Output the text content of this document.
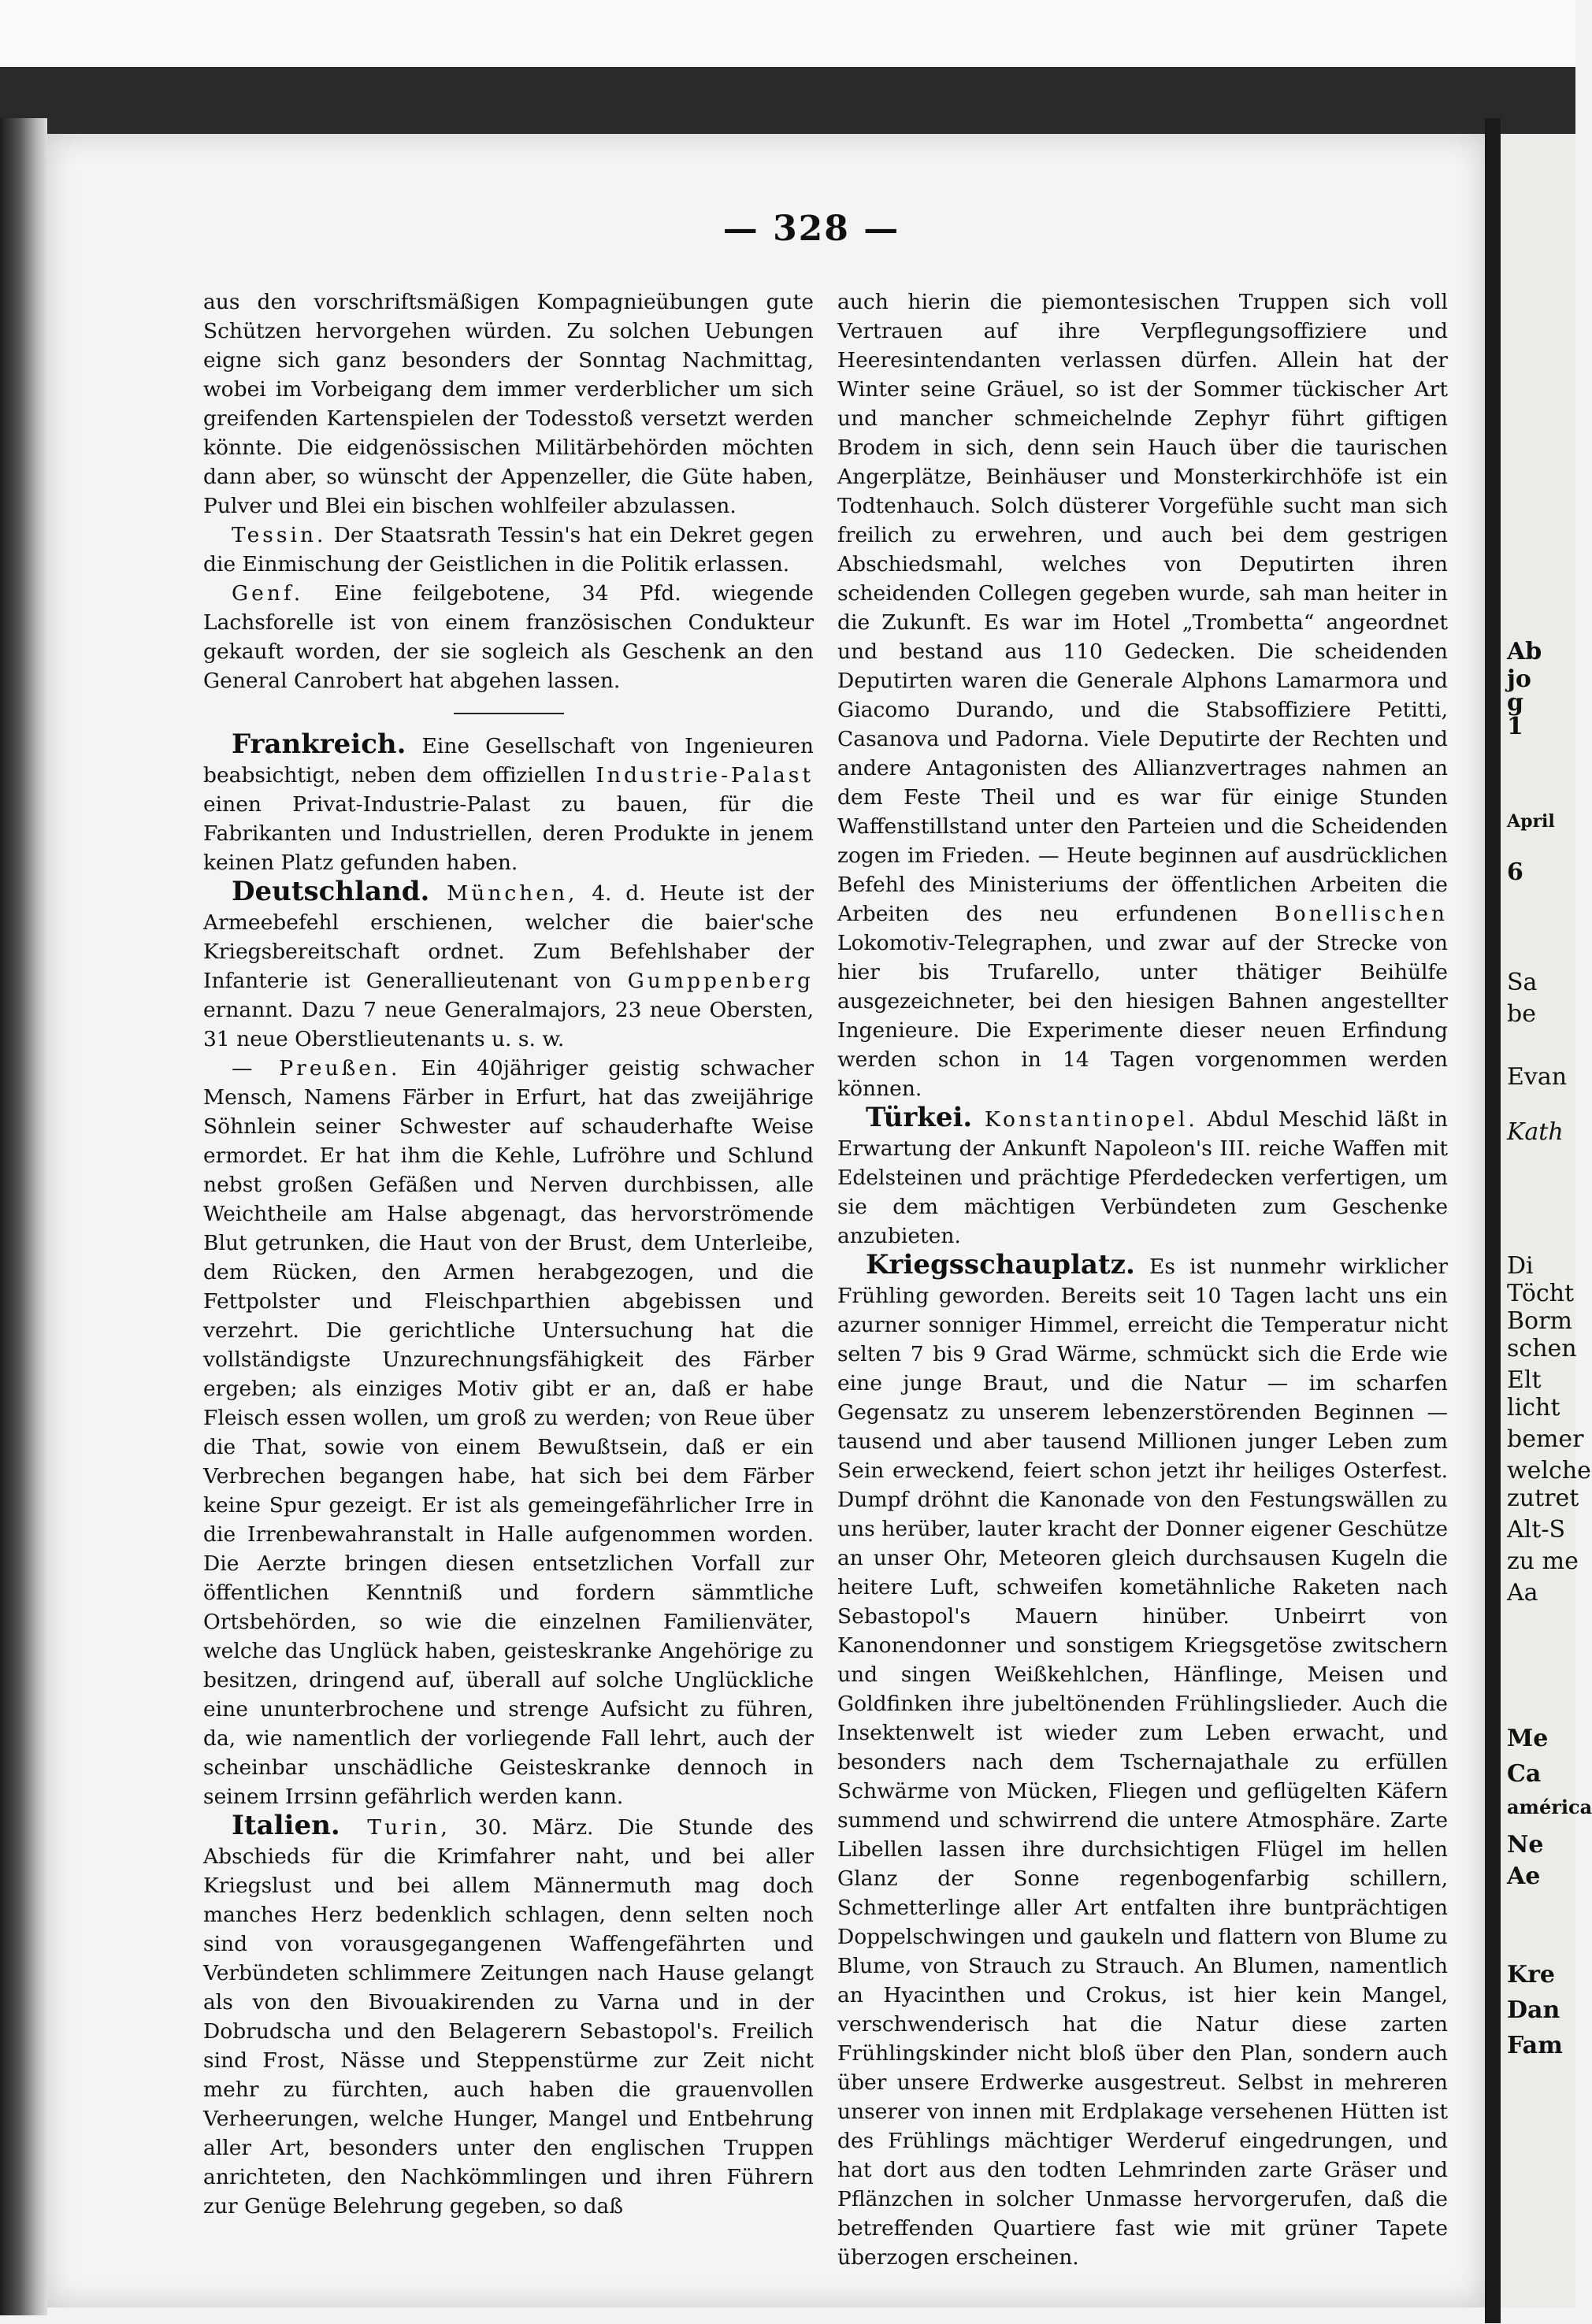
Ab
jo
g
1
April
6
Sa
be
Evan
Kath
Di
Töcht
Borm
schen
Elt
licht
bemer
welche
zutret
Alt-S
zu me
Aa
Me
Ca
américa
Ne
Ae
Kre
Dan
Fam
— 328 —

aus den vorschriftsmäßigen Kompagnieübungen gute Schützen hervorgehen würden. Zu solchen Uebungen eigne sich ganz besonders der Sonntag Nachmittag, wobei im Vorbeigang dem immer verderblicher um sich greifenden Kartenspielen der Todesstoß versetzt werden könnte. Die eidgenössischen Militärbehörden möchten dann aber, so wünscht der Appenzeller, die Güte haben, Pulver und Blei ein bischen wohlfeiler abzulassen.

Tessin. Der Staatsrath Tessin's hat ein Dekret gegen die Einmischung der Geistlichen in die Politik erlassen.

Genf. Eine feilgebotene, 34 Pfd. wiegende Lachsforelle ist von einem französischen Condukteur gekauft worden, der sie sogleich als Geschenk an den General Canrobert hat abgehen lassen.

Frankreich. Eine Gesellschaft von Ingenieuren beabsichtigt, neben dem offiziellen Industrie-Palast einen Privat-Industrie-Palast zu bauen, für die Fabrikanten und Industriellen, deren Produkte in jenem keinen Platz gefunden haben.

Deutschland. München, 4. d. Heute ist der Armeebefehl erschienen, welcher die baier'sche Kriegsbereitschaft ordnet. Zum Befehlshaber der Infanterie ist Generallieutenant von Gumppenberg ernannt. Dazu 7 neue Generalmajors, 23 neue Obersten, 31 neue Oberstlieutenants u. s. w.

— Preußen. Ein 40jähriger geistig schwacher Mensch, Namens Färber in Erfurt, hat das zweijährige Söhnlein seiner Schwester auf schauderhafte Weise ermordet. Er hat ihm die Kehle, Lufröhre und Schlund nebst großen Gefäßen und Nerven durchbissen, alle Weichtheile am Halse abgenagt, das hervorströmende Blut getrunken, die Haut von der Brust, dem Unterleibe, dem Rücken, den Armen herabgezogen, und die Fettpolster und Fleischparthien abgebissen und verzehrt. Die gerichtliche Untersuchung hat die vollständigste Unzurechnungsfähigkeit des Färber ergeben; als einziges Motiv gibt er an, daß er habe Fleisch essen wollen, um groß zu werden; von Reue über die That, sowie von einem Bewußtsein, daß er ein Verbrechen begangen habe, hat sich bei dem Färber keine Spur gezeigt. Er ist als gemeingefährlicher Irre in die Irrenbewahranstalt in Halle aufgenommen worden. Die Aerzte bringen diesen entsetzlichen Vorfall zur öffentlichen Kenntniß und fordern sämmtliche Ortsbehörden, so wie die einzelnen Familienväter, welche das Unglück haben, geisteskranke Angehörige zu besitzen, dringend auf, überall auf solche Unglückliche eine ununterbrochene und strenge Aufsicht zu führen, da, wie namentlich der vorliegende Fall lehrt, auch der scheinbar unschädliche Geisteskranke dennoch in seinem Irrsinn gefährlich werden kann.

Italien. Turin, 30. März. Die Stunde des Abschieds für die Krimfahrer naht, und bei aller Kriegslust und bei allem Männermuth mag doch manches Herz bedenklich schlagen, denn selten noch sind von vorausgegangenen Waffengefährten und Verbündeten schlimmere Zeitungen nach Hause gelangt als von den Bivouakirenden zu Varna und in der Dobrudscha und den Belagerern Sebastopol's. Freilich sind Frost, Nässe und Steppenstürme zur Zeit nicht mehr zu fürchten, auch haben die grauenvollen Verheerungen, welche Hunger, Mangel und Entbehrung aller Art, besonders unter den englischen Truppen anrichteten, den Nachkömmlingen und ihren Führern zur Genüge Belehrung gegeben, so daß

auch hierin die piemontesischen Truppen sich voll Vertrauen auf ihre Verpflegungsoffiziere und Heeresintendanten verlassen dürfen. Allein hat der Winter seine Gräuel, so ist der Sommer tückischer Art und mancher schmeichelnde Zephyr führt giftigen Brodem in sich, denn sein Hauch über die taurischen Angerplätze, Beinhäuser und Monsterkirchhöfe ist ein Todtenhauch. Solch düsterer Vorgefühle sucht man sich freilich zu erwehren, und auch bei dem gestrigen Abschiedsmahl, welches von Deputirten ihren scheidenden Collegen gegeben wurde, sah man heiter in die Zukunft. Es war im Hotel „Trombetta“ angeordnet und bestand aus 110 Gedecken. Die scheidenden Deputirten waren die Generale Alphons Lamarmora und Giacomo Durando, und die Stabsoffiziere Petitti, Casanova und Padorna. Viele Deputirte der Rechten und andere Antagonisten des Allianzvertrages nahmen an dem Feste Theil und es war für einige Stunden Waffenstillstand unter den Parteien und die Scheidenden zogen im Frieden. — Heute beginnen auf ausdrücklichen Befehl des Ministeriums der öffentlichen Arbeiten die Arbeiten des neu erfundenen Bonellischen Lokomotiv-Telegraphen, und zwar auf der Strecke von hier bis Trufarello, unter thätiger Beihülfe ausgezeichneter, bei den hiesigen Bahnen angestellter Ingenieure. Die Experimente dieser neuen Erfindung werden schon in 14 Tagen vorgenommen werden können.

Türkei. Konstantinopel. Abdul Meschid läßt in Erwartung der Ankunft Napoleon's III. reiche Waffen mit Edelsteinen und prächtige Pferdedecken verfertigen, um sie dem mächtigen Verbündeten zum Geschenke anzubieten.

Kriegsschauplatz. Es ist nunmehr wirklicher Frühling geworden. Bereits seit 10 Tagen lacht uns ein azurner sonniger Himmel, erreicht die Temperatur nicht selten 7 bis 9 Grad Wärme, schmückt sich die Erde wie eine junge Braut, und die Natur — im scharfen Gegensatz zu unserem lebenzerstörenden Beginnen — tausend und aber tausend Millionen junger Leben zum Sein erweckend, feiert schon jetzt ihr heiliges Osterfest. Dumpf dröhnt die Kanonade von den Festungswällen zu uns herüber, lauter kracht der Donner eigener Geschütze an unser Ohr, Meteoren gleich durchsausen Kugeln die heitere Luft, schweifen kometähnliche Raketen nach Sebastopol's Mauern hinüber. Unbeirrt von Kanonendonner und sonstigem Kriegsgetöse zwitschern und singen Weißkehlchen, Hänflinge, Meisen und Goldfinken ihre jubeltönenden Frühlingslieder. Auch die Insektenwelt ist wieder zum Leben erwacht, und besonders nach dem Tschernajathale zu erfüllen Schwärme von Mücken, Fliegen und geflügelten Käfern summend und schwirrend die untere Atmosphäre. Zarte Libellen lassen ihre durchsichtigen Flügel im hellen Glanz der Sonne regenbogenfarbig schillern, Schmetterlinge aller Art entfalten ihre buntprächtigen Doppelschwingen und gaukeln und flattern von Blume zu Blume, von Strauch zu Strauch. An Blumen, namentlich an Hyacinthen und Crokus, ist hier kein Mangel, verschwenderisch hat die Natur diese zarten Frühlingskinder nicht bloß über den Plan, sondern auch über unsere Erdwerke ausgestreut. Selbst in mehreren unserer von innen mit Erdplakage versehenen Hütten ist des Frühlings mächtiger Werderuf eingedrungen, und hat dort aus den todten Lehmrinden zarte Gräser und Pflänzchen in solcher Unmasse hervorgerufen, daß die betreffenden Quartiere fast wie mit grüner Tapete überzogen erscheinen.
